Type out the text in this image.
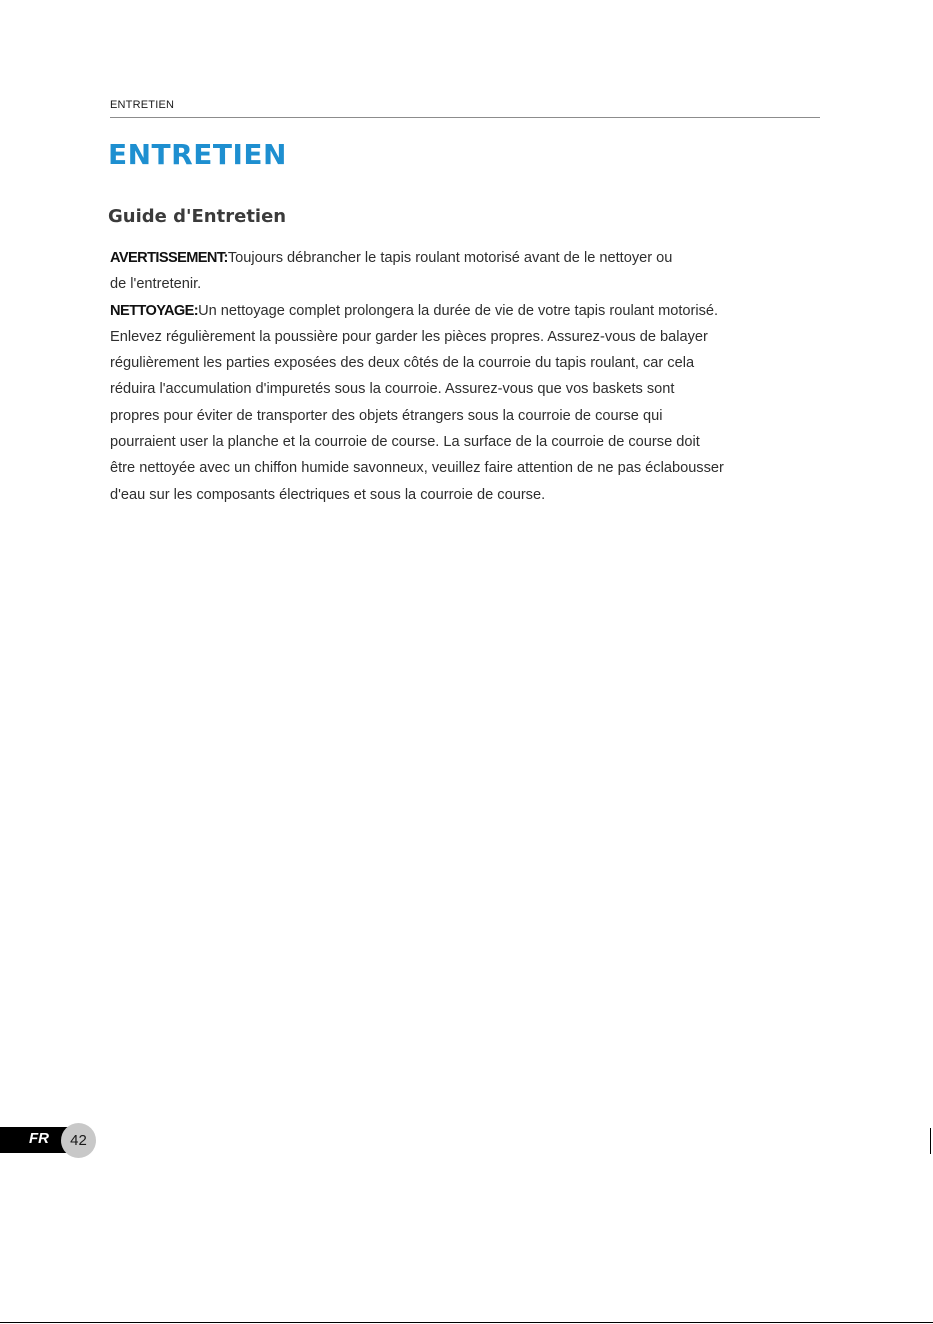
ENTRETIEN
ENTRETIEN
Guide d'Entretien

AVERTISSEMENT:Toujours débrancher le tapis roulant motorisé avant de le nettoyer ou

de l'entretenir.

NETTOYAGE:Un nettoyage complet prolongera la durée de vie de votre tapis roulant motorisé.

Enlevez régulièrement la poussière pour garder les pièces propres. Assurez-vous de balayer

régulièrement les parties exposées des deux côtés de la courroie du tapis roulant, car cela

réduira l'accumulation d'impuretés sous la courroie. Assurez-vous que vos baskets sont

propres pour éviter de transporter des objets étrangers sous la courroie de course qui

pourraient user la planche et la courroie de course. La surface de la courroie de course doit

être nettoyée avec un chiffon humide savonneux, veuillez faire attention de ne pas éclabousser

d'eau sur les composants électriques et sous la courroie de course.

FR 42
